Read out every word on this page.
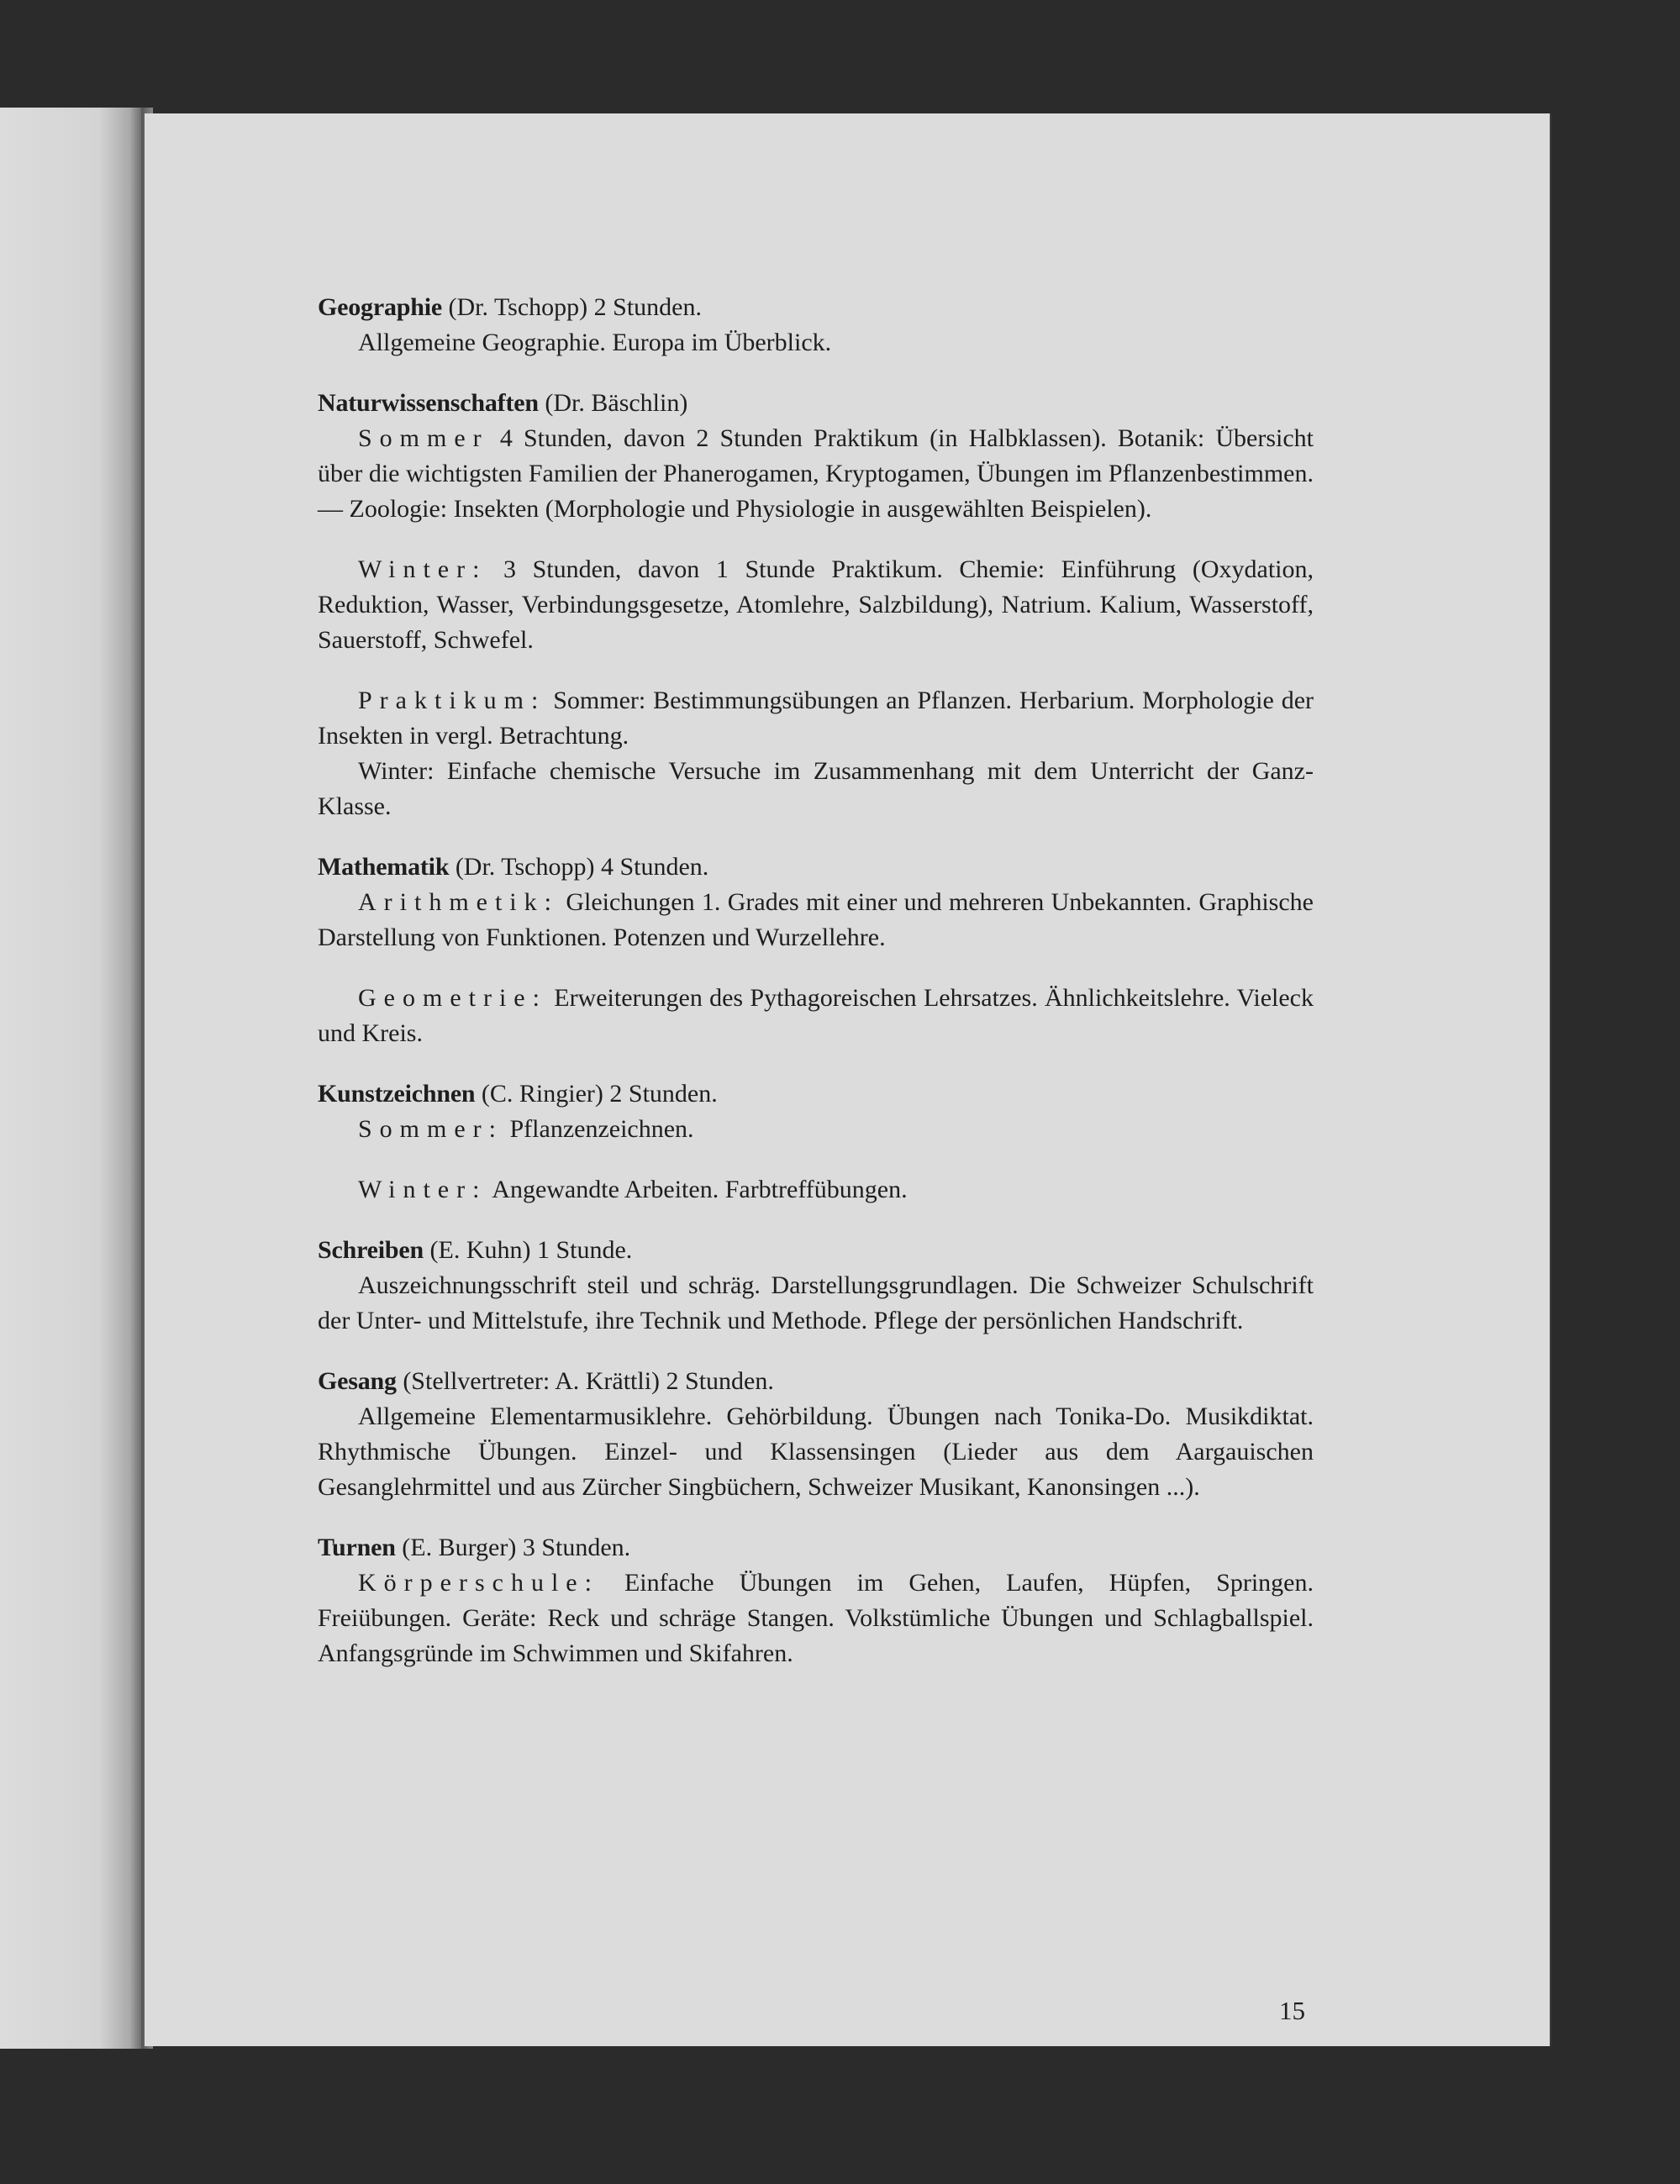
Geographie (Dr. Tschopp) 2 Stunden.

Allgemeine Geographie. Europa im Überblick.

Naturwissenschaften (Dr. Bäschlin)

Sommer 4 Stunden, davon 2 Stunden Praktikum (in Halbklassen). Botanik: Übersicht über die wichtigsten Familien der Phanerogamen, Kryptogamen, Übungen im Pflanzenbestimmen. — Zoologie: Insekten (Morphologie und Physiologie in ausgewählten Beispielen).

Winter: 3 Stunden, davon 1 Stunde Praktikum. Chemie: Einführung (Oxydation, Reduktion, Wasser, Verbindungsgesetze, Atomlehre, Salzbildung), Natrium. Kalium, Wasserstoff, Sauerstoff, Schwefel.

Praktikum: Sommer: Bestimmungsübungen an Pflanzen. Herbarium. Morphologie der Insekten in vergl. Betrachtung.

Winter: Einfache chemische Versuche im Zusammenhang mit dem Unterricht der Ganz-Klasse.

Mathematik (Dr. Tschopp) 4 Stunden.

Arithmetik: Gleichungen 1. Grades mit einer und mehreren Unbekannten. Graphische Darstellung von Funktionen. Potenzen und Wurzellehre.

Geometrie: Erweiterungen des Pythagoreischen Lehrsatzes. Ähnlichkeitslehre. Vieleck und Kreis.

Kunstzeichnen (C. Ringier) 2 Stunden.

Sommer: Pflanzenzeichnen.

Winter: Angewandte Arbeiten. Farbtreffübungen.

Schreiben (E. Kuhn) 1 Stunde.

Auszeichnungsschrift steil und schräg. Darstellungsgrundlagen. Die Schweizer Schulschrift der Unter- und Mittelstufe, ihre Technik und Methode. Pflege der persönlichen Handschrift.

Gesang (Stellvertreter: A. Krättli) 2 Stunden.

Allgemeine Elementarmusiklehre. Gehörbildung. Übungen nach Tonika-Do. Musikdiktat. Rhythmische Übungen. Einzel- und Klassensingen (Lieder aus dem Aargauischen Gesanglehrmittel und aus Zürcher Singbüchern, Schweizer Musikant, Kanonsingen ...).

Turnen (E. Burger) 3 Stunden.

Körperschule: Einfache Übungen im Gehen, Laufen, Hüpfen, Springen. Freiübungen. Geräte: Reck und schräge Stangen. Volkstümliche Übungen und Schlagballspiel. Anfangsgründe im Schwimmen und Skifahren.

15
